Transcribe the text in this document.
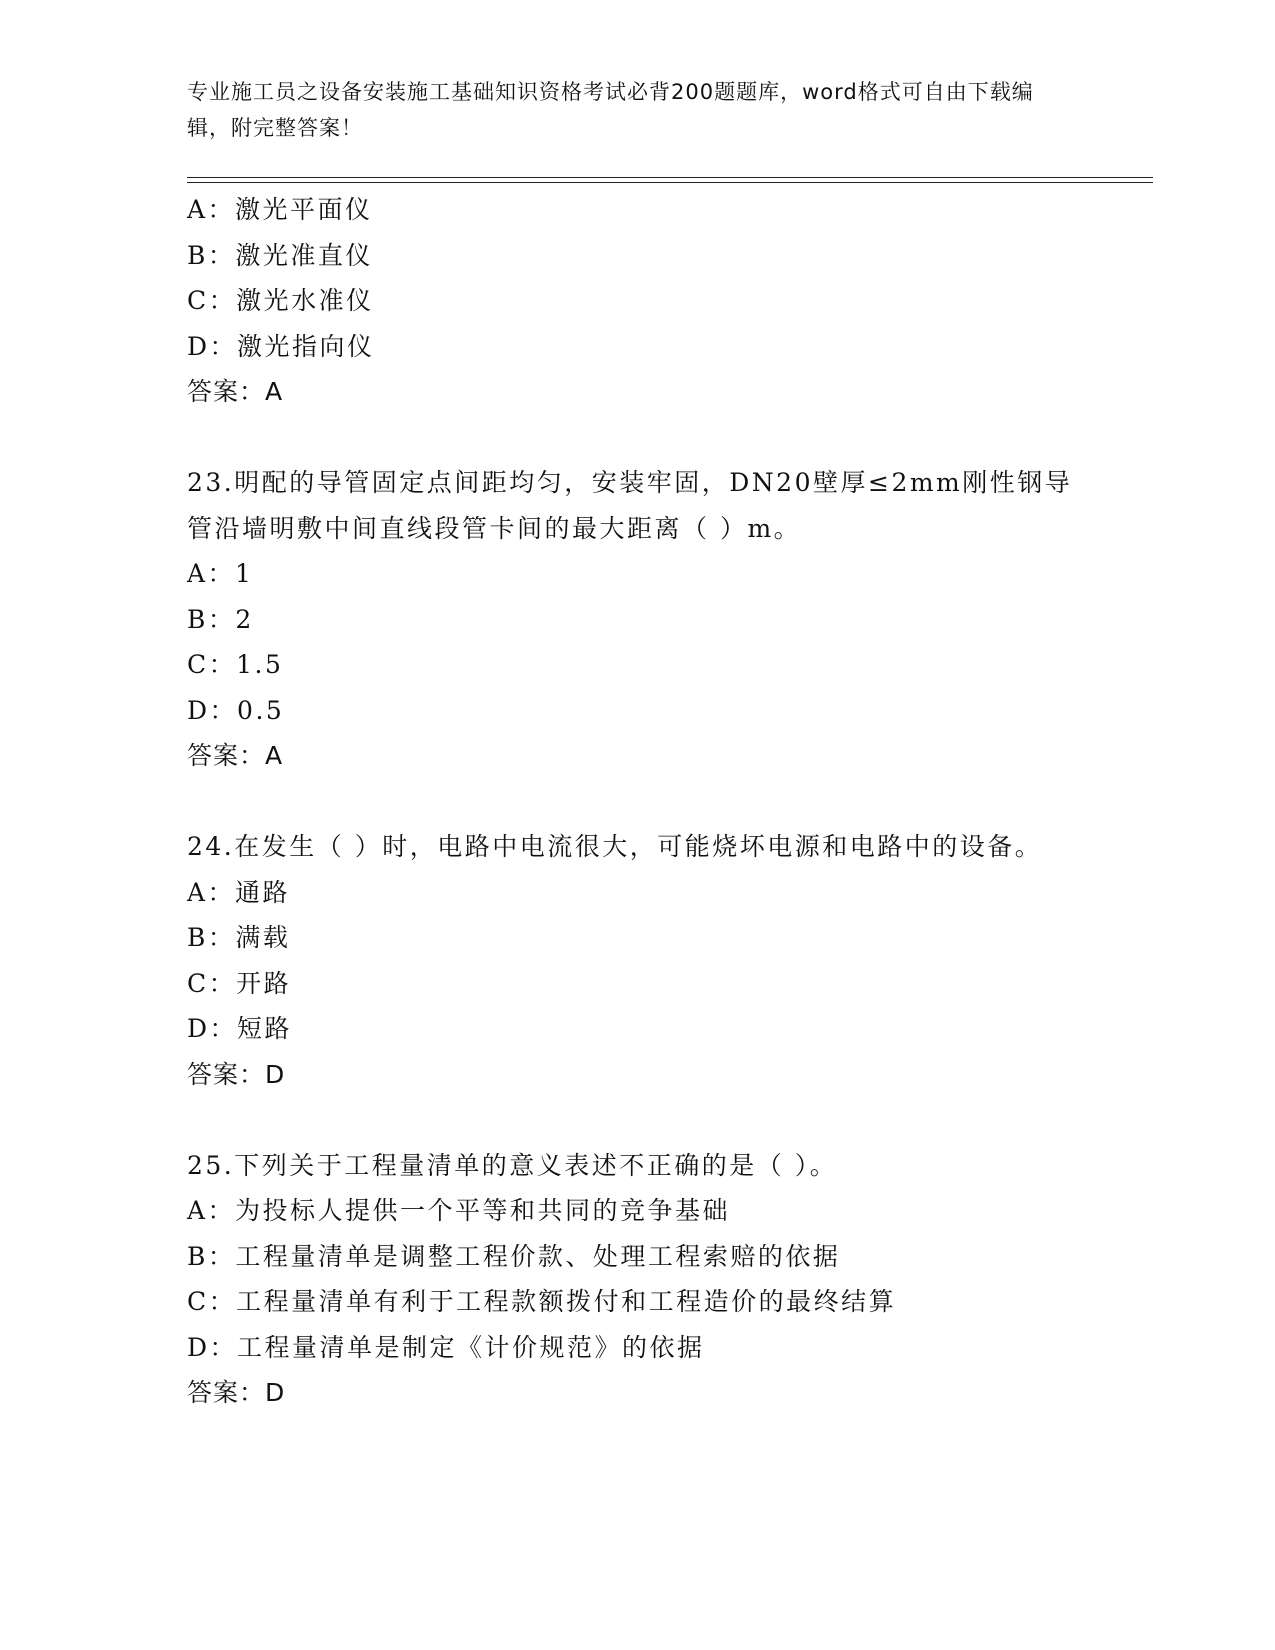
专业施工员之设备安装施工基础知识资格考试必背200题题库，word格式可自由下载编辑，附完整答案！
A：激光平面仪
B：激光准直仪
C：激光水准仪
D：激光指向仪
答案：A
23.明配的导管固定点间距均匀，安装牢固，DN20壁厚≤2mm刚性钢导管沿墙明敷中间直线段管卡间的最大距离（ ）m。
A：1
B：2
C：1.5
D：0.5
答案：A
24.在发生（ ）时，电路中电流很大，可能烧坏电源和电路中的设备。
A：通路
B：满载
C：开路
D：短路
答案：D
25.下列关于工程量清单的意义表述不正确的是（ ）。
A：为投标人提供一个平等和共同的竞争基础
B：工程量清单是调整工程价款、处理工程索赔的依据
C：工程量清单有利于工程款额拨付和工程造价的最终结算
D：工程量清单是制定《计价规范》的依据
答案：D
